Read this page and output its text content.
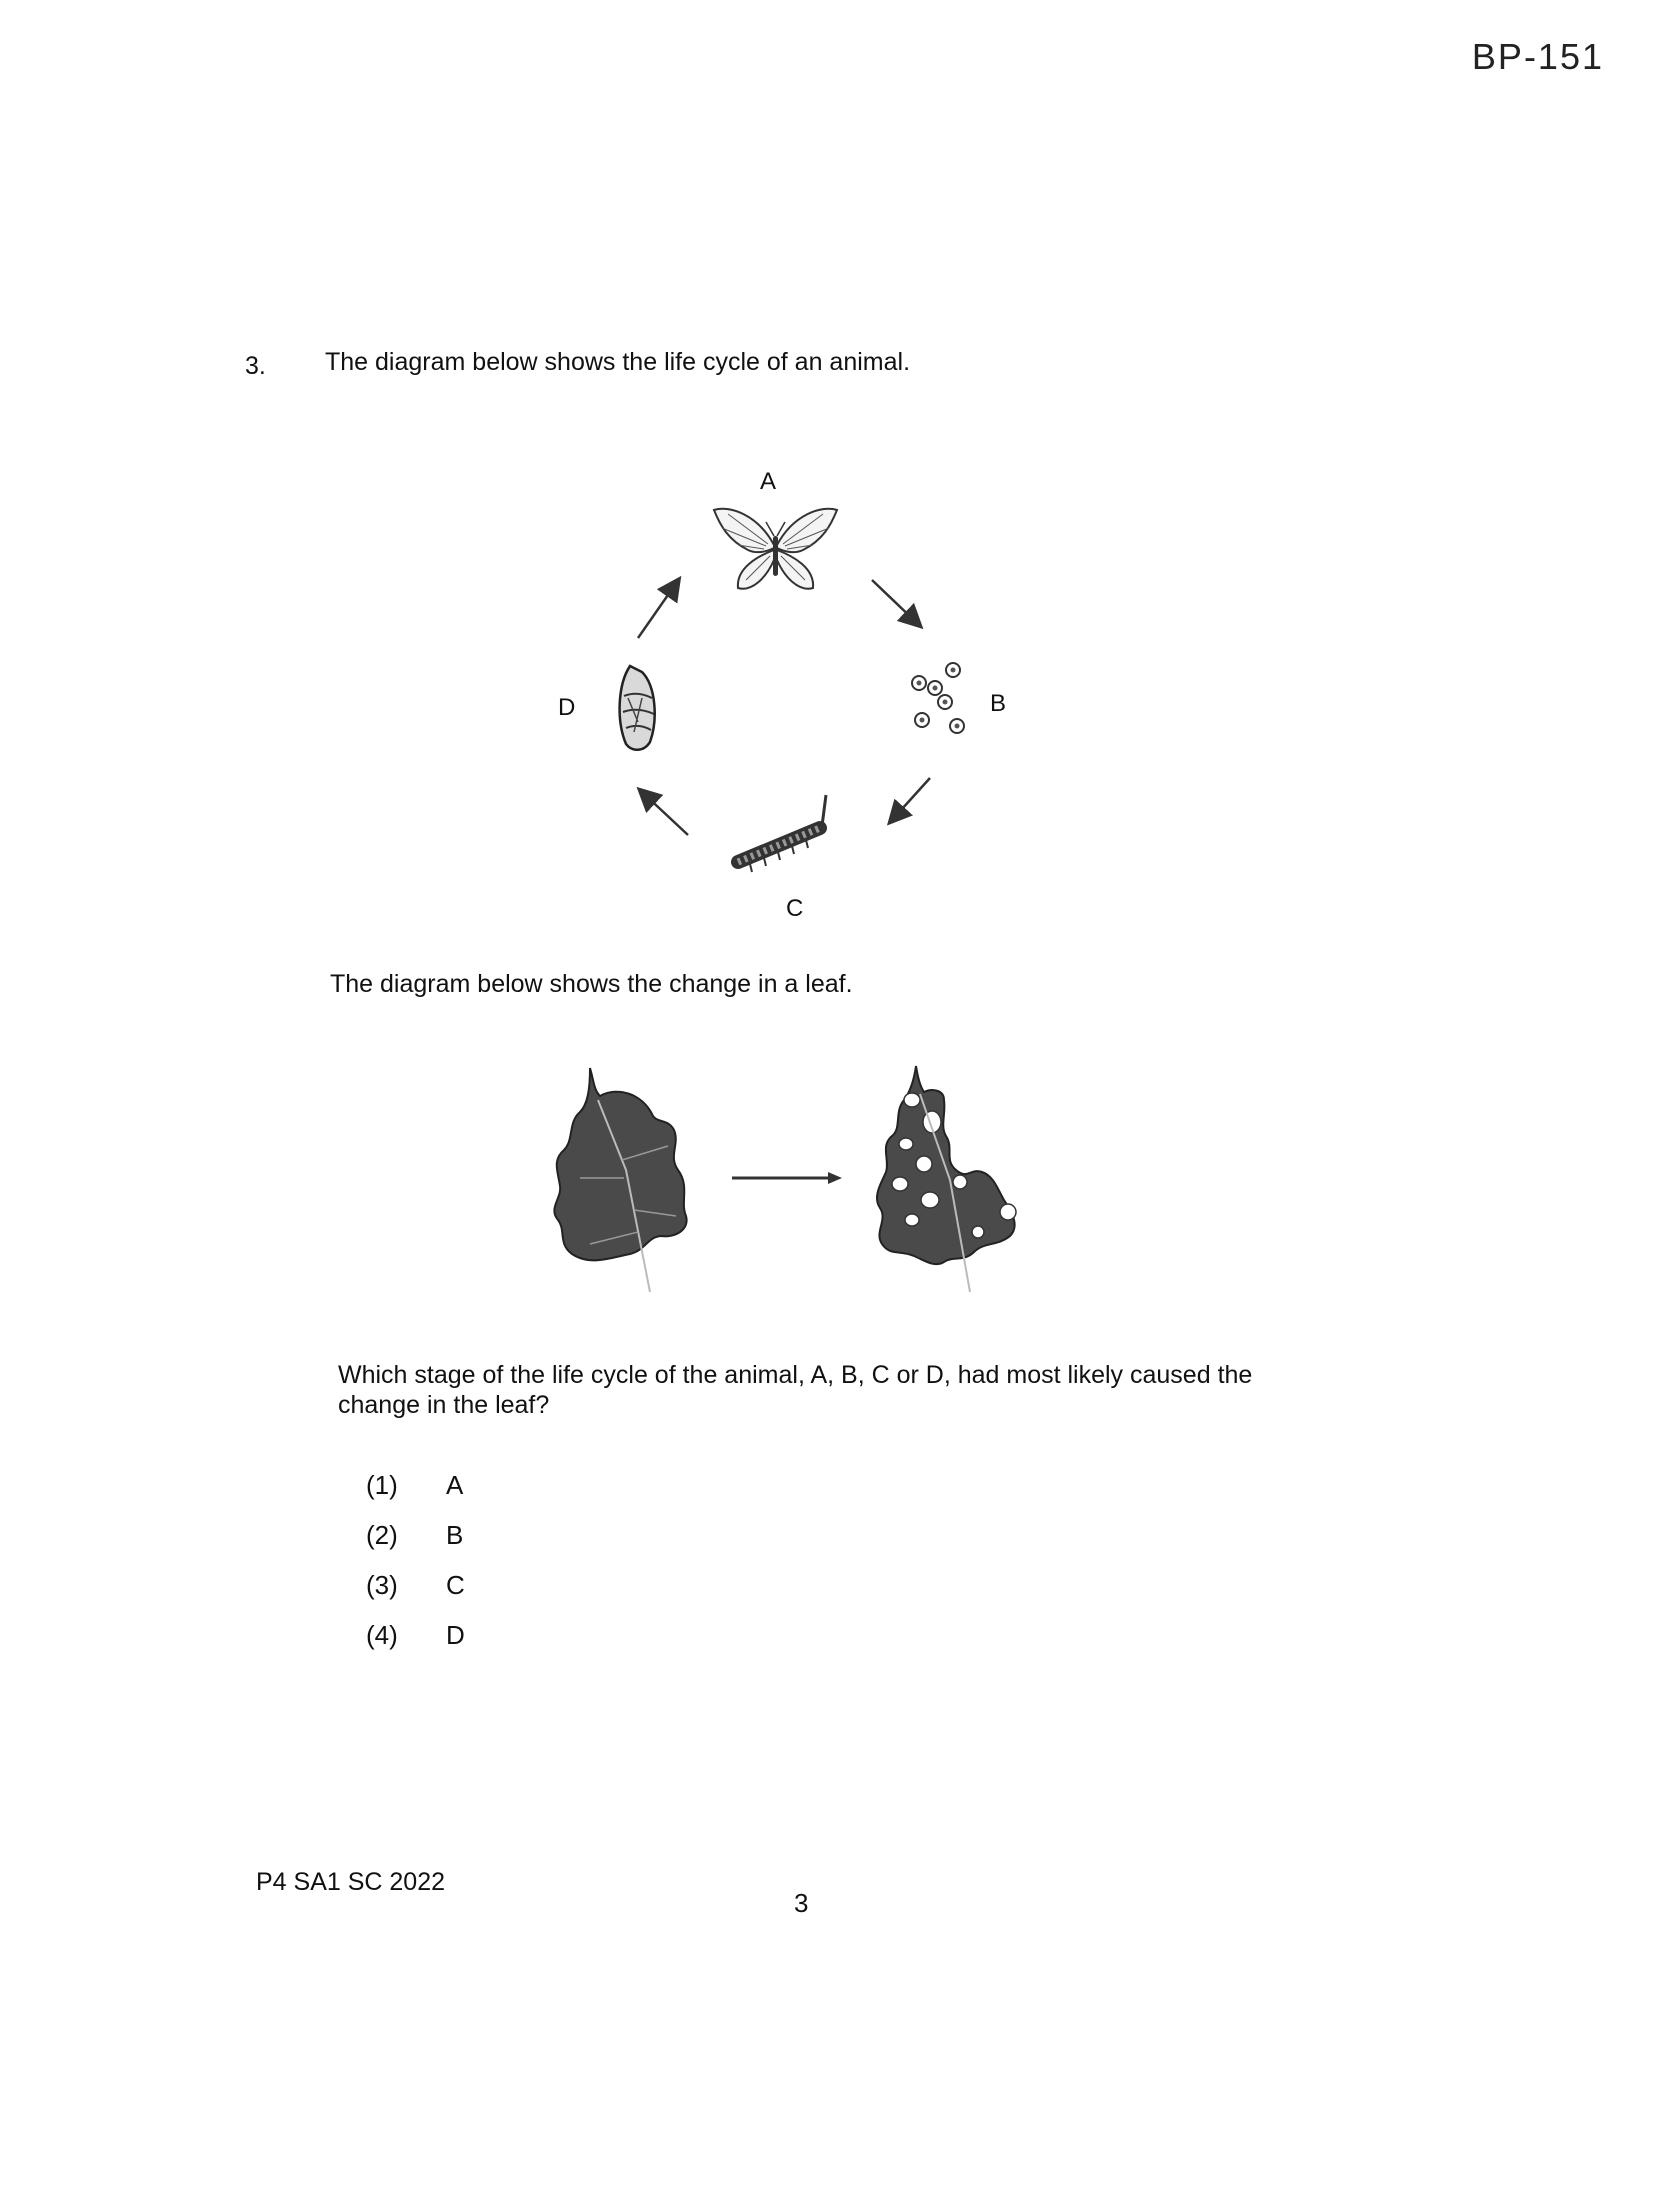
BP-151
3. The diagram below shows the life cycle of an animal.
A
B
C
D
The diagram below shows the change in a leaf.
Which stage of the life cycle of the animal, A, B, C or D, had most likely caused the change in the leaf?
(1)	A
(2)	B
(3)	C
(4)	D
P4 SA1 SC 2022
3
